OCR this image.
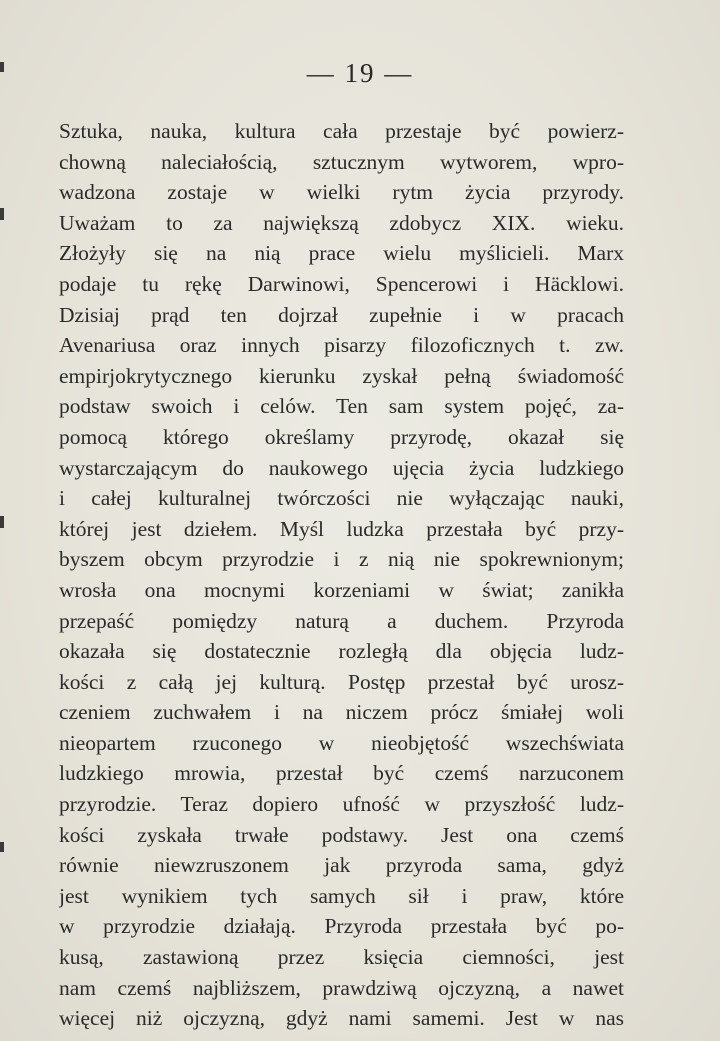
— 19 —
Sztuka, nauka, kultura cała przestaje być powierz-
chowną naleciałością, sztucznym wytworem, wpro-
wadzona zostaje w wielki rytm życia przyrody.
Uważam to za największą zdobycz XIX. wieku.
Złożyły się na nią prace wielu myślicieli. Marx
podaje tu rękę Darwinowi, Spencerowi i Häcklowi.
Dzisiaj prąd ten dojrzał zupełnie i w pracach
Avenariusa oraz innych pisarzy filozoficznych t. zw.
empirjokrytycznego kierunku zyskał pełną świadomość
podstaw swoich i celów. Ten sam system pojęć, za-
pomocą którego określamy przyrodę, okazał się
wystarczającym do naukowego ujęcia życia ludzkiego
i całej kulturalnej twórczości nie wyłączając nauki,
której jest dziełem. Myśl ludzka przestała być przy-
byszem obcym przyrodzie i z nią nie spokrewnionym;
wrosła ona mocnymi korzeniami w świat; zanikła
przepaść pomiędzy naturą a duchem. Przyroda
okazała się dostatecznie rozległą dla objęcia ludz-
kości z całą jej kulturą. Postęp przestał być urosz-
czeniem zuchwałem i na niczem prócz śmiałej woli
nieopartem rzuconego w nieobjętość wszechświata
ludzkiego mrowia, przestał być czemś narzuconem
przyrodzie. Teraz dopiero ufność w przyszłość ludz-
kości zyskała trwałe podstawy. Jest ona czemś
równie niewzruszonem jak przyroda sama, gdyż
jest wynikiem tych samych sił i praw, które
w przyrodzie działają. Przyroda przestała być po-
kusą, zastawioną przez księcia ciemności, jest
nam czemś najbliższem, prawdziwą ojczyzną, a nawet
więcej niż ojczyzną, gdyż nami samemi. Jest w nas
